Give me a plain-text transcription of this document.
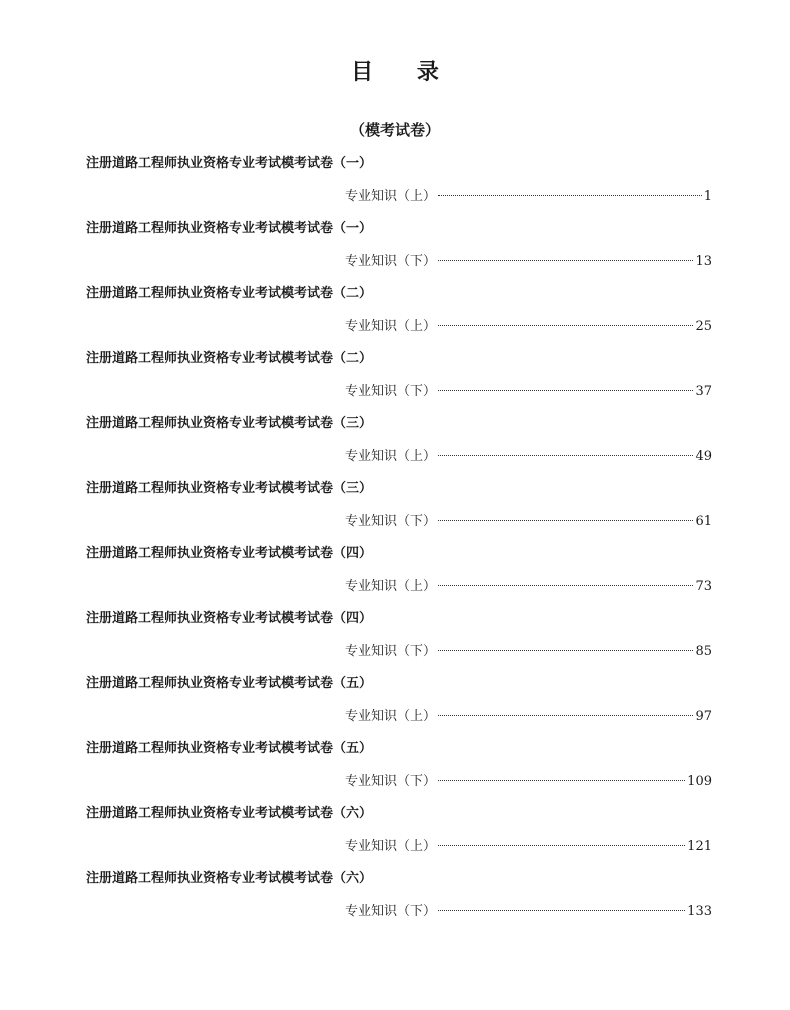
目 录
（模考试卷）
注册道路工程师执业资格专业考试模考试卷（一）
专业知识（上）	1
注册道路工程师执业资格专业考试模考试卷（一）
专业知识（下）	13
注册道路工程师执业资格专业考试模考试卷（二）
专业知识（上）	25
注册道路工程师执业资格专业考试模考试卷（二）
专业知识（下）	37
注册道路工程师执业资格专业考试模考试卷（三）
专业知识（上）	49
注册道路工程师执业资格专业考试模考试卷（三）
专业知识（下）	61
注册道路工程师执业资格专业考试模考试卷（四）
专业知识（上）	73
注册道路工程师执业资格专业考试模考试卷（四）
专业知识（下）	85
注册道路工程师执业资格专业考试模考试卷（五）
专业知识（上）	97
注册道路工程师执业资格专业考试模考试卷（五）
专业知识（下）	109
注册道路工程师执业资格专业考试模考试卷（六）
专业知识（上）	121
注册道路工程师执业资格专业考试模考试卷（六）
专业知识（下）	133
